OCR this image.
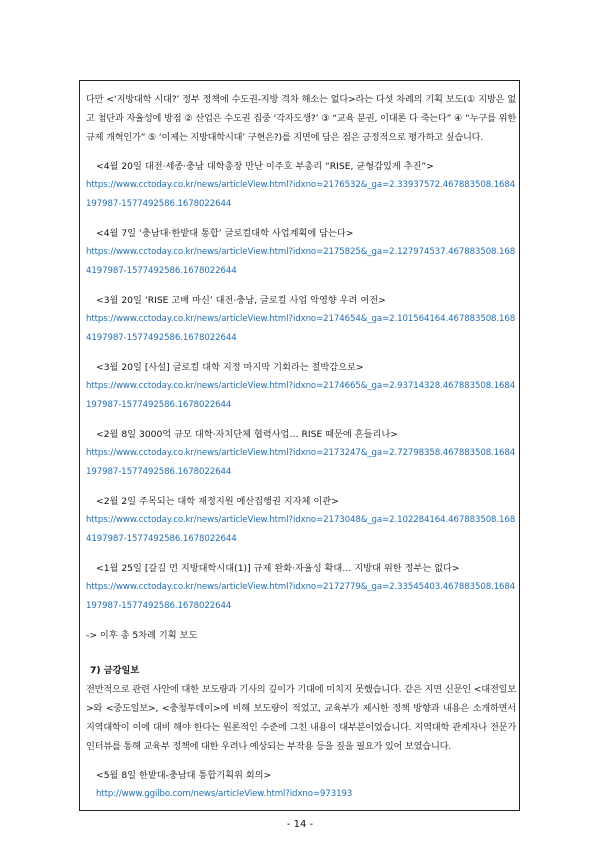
다만 <‘지방대학 시대?’ 정부 정책에 수도권-지방 격차 해소는 없다>라는 다섯 차례의 기획 보도(① 지방은 없고 첨단과 자율성에 방점 ② 산업은 수도권 집중 ‘각자도생?’ ③ “교육 분권, 이대론 다 죽는다” ④ “누구를 위한 규제 개혁인가” ⑤ ‘이제는 지방대학시대’ 구현은?)를 지면에 담은 점은 긍정적으로 평가하고 싶습니다.

<4월 20일 대전·세종·충남 대학총장 만난 이주호 부총리 “RISE, 균형감있게 추진”>
https://www.cctoday.co.kr/news/articleView.html?idxno=2176532&_ga=2.33937572.467883508.1684197987-1577492586.1678022644
<4월 7일 ‘충남대·한밭대 통합’ 글로컬대학 사업계획에 담는다>
https://www.cctoday.co.kr/news/articleView.html?idxno=2175825&_ga=2.127974537.467883508.1684197987-1577492586.1678022644
<3월 20일 ‘RISE 고배 마신’ 대전·충남, 글로컬 사업 악영향 우려 여전>
https://www.cctoday.co.kr/news/articleView.html?idxno=2174654&_ga=2.101564164.467883508.1684197987-1577492586.1678022644
<3월 20일 [사설] 글로컬 대학 지정 마지막 기회라는 절박감으로>
https://www.cctoday.co.kr/news/articleView.html?idxno=2174665&_ga=2.93714328.467883508.1684197987-1577492586.1678022644
<2월 8일 3000억 규모 대학·자치단체 협력사업… RISE 때문에 흔들리나>
https://www.cctoday.co.kr/news/articleView.html?idxno=2173247&_ga=2.72798358.467883508.1684197987-1577492586.1678022644
<2월 2일 주목되는 대학 재정지원 예산집행권 지자체 이관>
https://www.cctoday.co.kr/news/articleView.html?idxno=2173048&_ga=2.102284164.467883508.1684197987-1577492586.1678022644
<1월 25일 [갈길 먼 지방대학시대(1)] 규제 완화·자율성 확대… 지방대 위한 정부는 없다>
https://www.cctoday.co.kr/news/articleView.html?idxno=2172779&_ga=2.33545403.467883508.1684197987-1577492586.1678022644

-> 이후 총 5차례 기획 보도

7) 금강일보

전반적으로 관련 사안에 대한 보도량과 기사의 깊이가 기대에 미치지 못했습니다. 같은 지면 신문인 <대전일보>와 <중도일보>, <충청투데이>에 비해 보도량이 적었고, 교육부가 제시한 정책 방향과 내용은 소개하면서 지역대학이 이에 대비 해야 한다는 원론적인 수준에 그친 내용이 대부분이었습니다. 지역대학 관계자나 전문가 인터뷰를 통해 교육부 정책에 대한 우려나 예상되는 부작용 등을 짚을 필요가 있어 보였습니다.

<5월 8일 한밭대-충남대 통합기획위 회의>
http://www.ggilbo.com/news/articleView.html?idxno=973193
- 14 -
